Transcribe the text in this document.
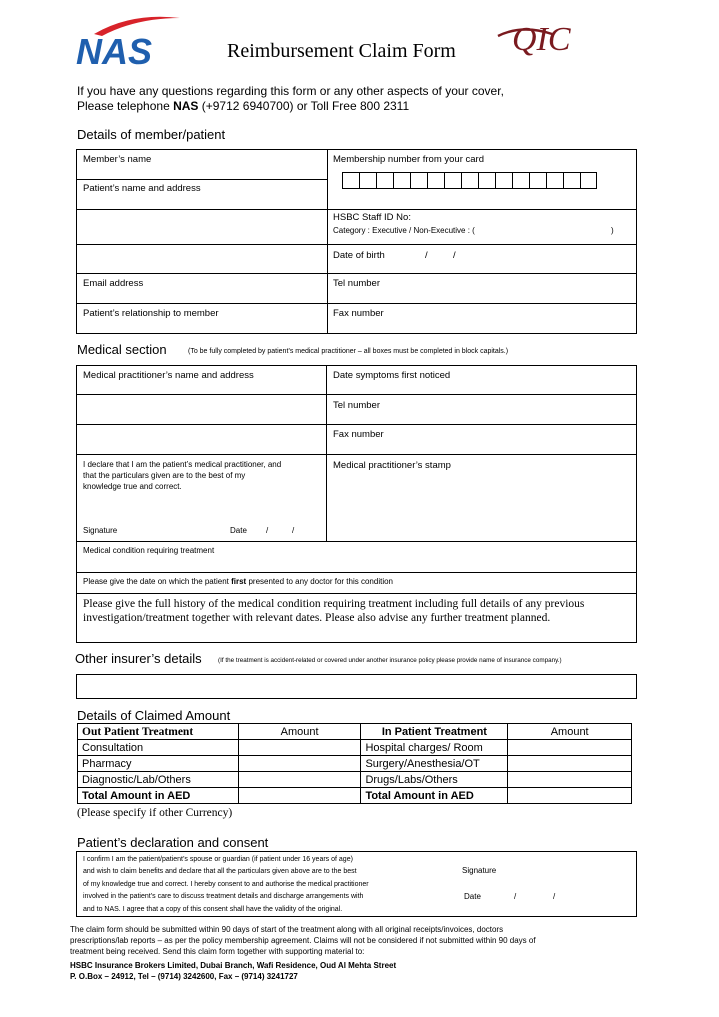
NAS	Reimbursement Claim Form QIC
If you have any questions regarding this form or any other aspects of your cover,
Please telephone NAS (+9712 6940700) or Toll Free 800 2311
Details of member/patient
Member’s name	Membership number from your card
Patient’s name and address
HSBC Staff ID No:
Category : Executive / Non-Executive : (	)
Date of birth	/	/
Email address	Tel number
Patient’s relationship to member	Fax number
Medical section	(To be fully completed by patient’s medical practitioner – all boxes must be completed in block capitals.)
Medical practitioner’s name and address	Date symptoms first noticed
Tel number
Fax number
I declare that I am the patient’s medical practitioner, and
that the particulars given are to the best of my
knowledge true and correct.
Medical practitioner’s stamp
Signature	Date /	/
Medical condition requiring treatment
Please give the date on which the patient first presented to any doctor for this condition
Please give the full history of the medical condition requiring treatment including full details of any previous
investigation/treatment together with relevant dates. Please also advise any further treatment planned.
Other insurer’s details	(If the treatment is accident-related or covered under another insurance policy please provide name of insurance company.)
Details of Claimed Amount
Out Patient Treatment	Amount	In Patient Treatment	Amount
Consultation		Hospital charges/ Room	
Pharmacy		Surgery/Anesthesia/OT	
Diagnostic/Lab/Others		Drugs/Labs/Others	
Total Amount in AED		Total Amount in AED	
(Please specify if other Currency)
Patient’s declaration and consent
I confirm I am the patient/patient’s spouse or guardian (if patient under 16 years of age)
and wish to claim benefits and declare that all the particulars given above are to the best
of my knowledge true and correct. I hereby consent to and authorise the medical practitioner
involved in the patient’s care to discuss treatment details and discharge arrangements with
and to NAS. I agree that a copy of this consent shall have the validity of the original.
Signature
Date	/	/
The claim form should be submitted within 90 days of start of the treatment along with all original receipts/invoices, doctors
prescriptions/lab reports – as per the policy membership agreement. Claims will not be considered if not submitted within 90 days of
treatment being received. Send this claim form together with supporting material to:
HSBC Insurance Brokers Limited, Dubai Branch, Wafi Residence, Oud Al Mehta Street
P. O.Box – 24912, Tel – (9714) 3242600, Fax – (9714) 3241727
